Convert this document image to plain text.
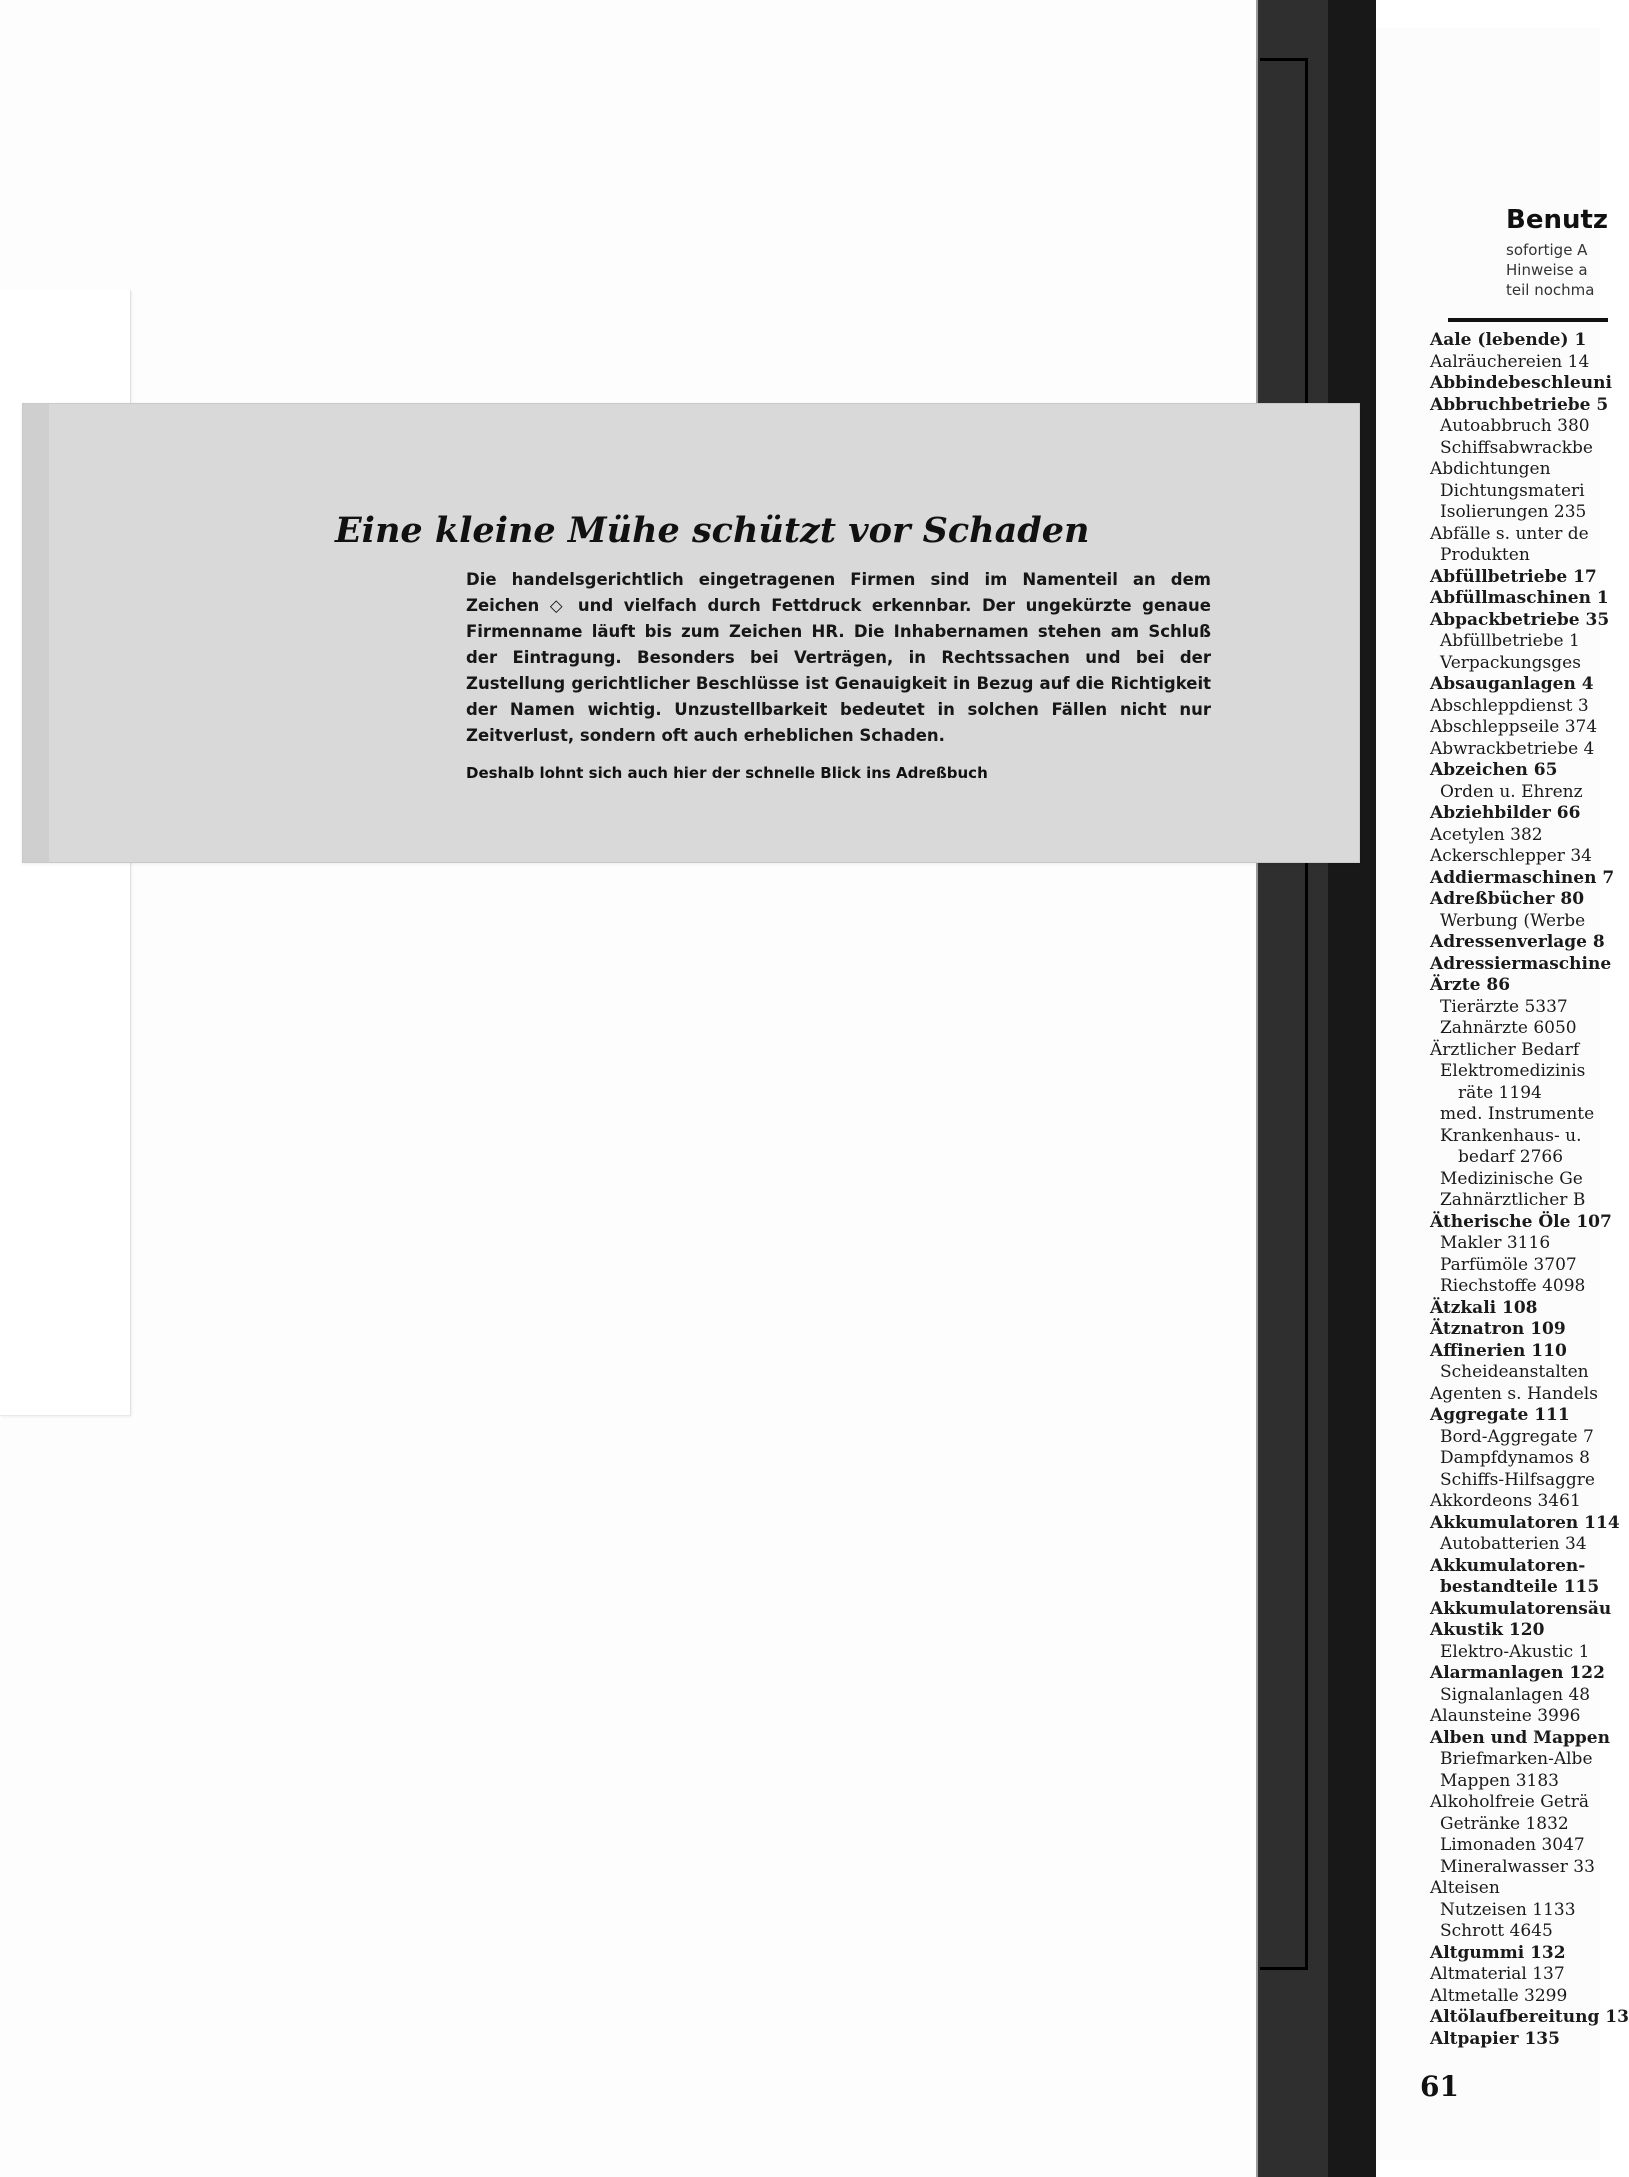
Benutz
sofortige A
Hinweise a
teil nochma
Aale (lebende) 1
Aalräuchereien 14
Abbindebeschleuni
Abbruchbetriebe 5
Autoabbruch 380
Schiffsabwrackbe
Abdichtungen
Dichtungsmateri
Isolierungen 235
Abfälle s. unter de
Produkten
Abfüllbetriebe 17
Abfüllmaschinen 1
Abpackbetriebe 35
Abfüllbetriebe 1
Verpackungsges
Absauganlagen 4
Abschleppdienst 3
Abschleppseile 374
Abwrackbetriebe 4
Abzeichen 65
Orden u. Ehrenz
Abziehbilder 66
Acetylen 382
Ackerschlepper 34
Addiermaschinen 7
Adreßbücher 80
Werbung (Werbe
Adressenverlage 8
Adressiermaschine
Ärzte 86
Tierärzte 5337
Zahnärzte 6050
Ärztlicher Bedarf
Elektromedizinis
räte 1194
med. Instrumente
Krankenhaus- u.
bedarf 2766
Medizinische Ge
Zahnärztlicher B
Ätherische Öle 107
Makler 3116
Parfümöle 3707
Riechstoffe 4098
Ätzkali 108
Ätznatron 109
Affinerien 110
Scheideanstalten
Agenten s. Handels
Aggregate 111
Bord-Aggregate 7
Dampfdynamos 8
Schiffs-Hilfsaggre
Akkordeons 3461
Akkumulatoren 114
Autobatterien 34
Akkumulatoren-
bestandteile 115
Akkumulatorensäu
Akustik 120
Elektro-Akustic 1
Alarmanlagen 122
Signalanlagen 48
Alaunsteine 3996
Alben und Mappen
Briefmarken-Albe
Mappen 3183
Alkoholfreie Geträ
Getränke 1832
Limonaden 3047
Mineralwasser 33
Alteisen
Nutzeisen 1133
Schrott 4645
Altgummi 132
Altmaterial 137
Altmetalle 3299
Altölaufbereitung 13
Altpapier 135
61
Eine kleine Mühe schützt vor Schaden

Die handelsgerichtlich eingetragenen Firmen sind im Namenteil an dem Zeichen ◇ und vielfach durch Fettdruck erkennbar. Der ungekürzte genaue Firmenname läuft bis zum Zeichen HR. Die Inhabernamen stehen am Schluß der Eintragung. Besonders bei Verträgen, in Rechtssachen und bei der Zustellung gerichtlicher Beschlüsse ist Genauigkeit in Bezug auf die Richtigkeit der Namen wichtig. Unzustellbarkeit bedeutet in solchen Fällen nicht nur Zeitverlust, sondern oft auch erheblichen Schaden.

Deshalb lohnt sich auch hier der schnelle Blick ins Adreßbuch
